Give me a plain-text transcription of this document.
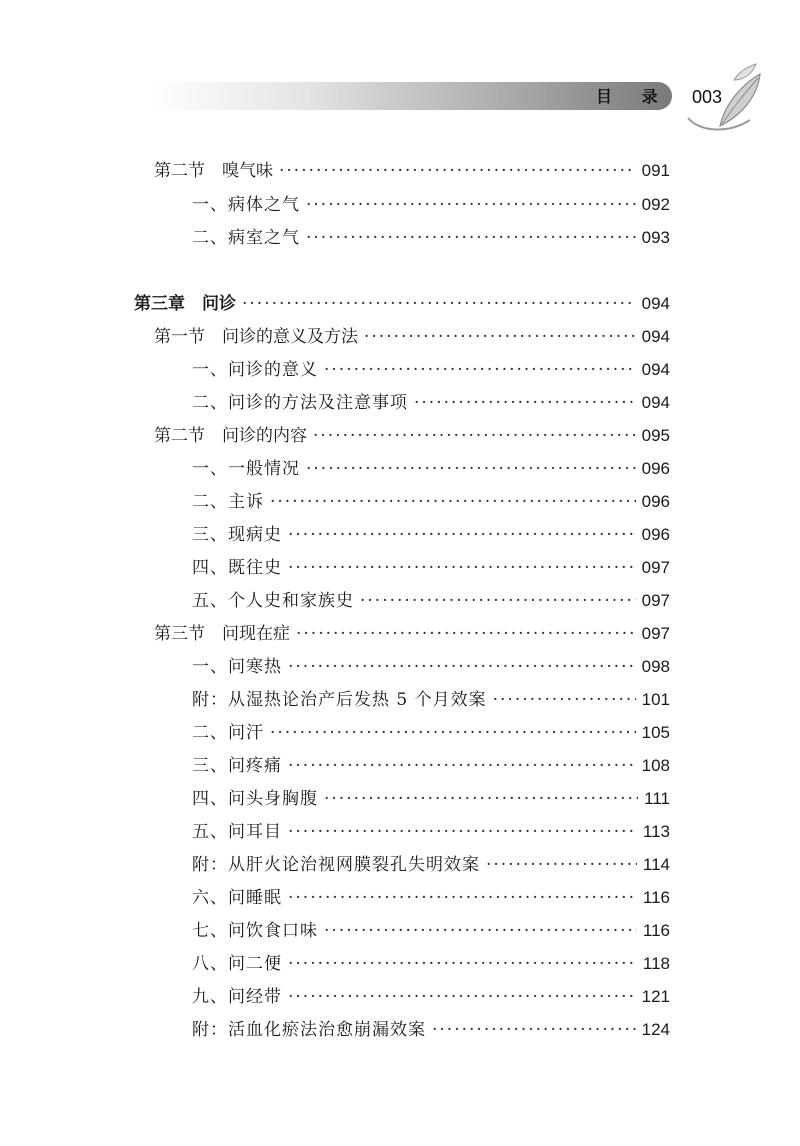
目 录 003
第二节　嗅气味 ·····	091
一、病体之气 ·····	092
二、病室之气 ·····	093
第三章　问诊 ·····	094
第一节　问诊的意义及方法 ·····	094
一、问诊的意义 ·····	094
二、问诊的方法及注意事项 ·····	094
第二节　问诊的内容 ·····	095
一、一般情况 ·····	096
二、主诉 ·····	096
三、现病史 ·····	096
四、既往史 ·····	097
五、个人史和家族史 ·····	097
第三节　问现在症 ·····	097
一、问寒热 ·····	098
附：从湿热论治产后发热 5 个月效案 ·····	101
二、问汗 ·····	105
三、问疼痛 ·····	108
四、问头身胸腹 ·····	111
五、问耳目 ·····	113
附：从肝火论治视网膜裂孔失明效案 ·····	114
六、问睡眠 ·····	116
七、问饮食口味 ·····	116
八、问二便 ·····	118
九、问经带 ·····	121
附：活血化瘀法治愈崩漏效案 ·····	124
